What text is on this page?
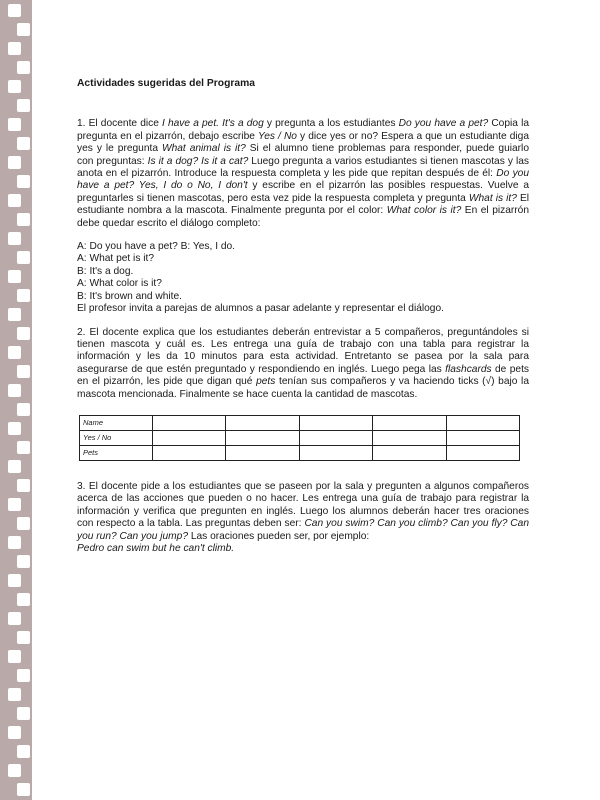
Actividades sugeridas del Programa

1. El docente dice I have a pet. It's a dog y pregunta a los estudiantes Do you have a pet? Copia la pregunta en el pizarrón, debajo escribe Yes / No y dice yes or no? Espera a que un estudiante diga yes y le pregunta What animal is it? Si el alumno tiene problemas para responder, puede guiarlo con preguntas: Is it a dog? Is it a cat? Luego pregunta a varios estudiantes si tienen mascotas y las anota en el pizarrón. Introduce la respuesta completa y les pide que repitan después de él: Do you have a pet? Yes, I do o No, I don't y escribe en el pizarrón las posibles respuestas. Vuelve a preguntarles si tienen mascotas, pero esta vez pide la respuesta completa y pregunta What is it? El estudiante nombra a la mascota. Finalmente pregunta por el color: What color is it? En el pizarrón debe quedar escrito el diálogo completo:

A: Do you have a pet? B: Yes, I do.
A: What pet is it?
B: It's a dog.
A: What color is it?
B: It's brown and white.
El profesor invita a parejas de alumnos a pasar adelante y representar el diálogo.

2. El docente explica que los estudiantes deberán entrevistar a 5 compañeros, preguntándoles si tienen mascota y cuál es. Les entrega una guía de trabajo con una tabla para registrar la información y les da 10 minutos para esta actividad. Entretanto se pasea por la sala para asegurarse de que estén preguntado y respondiendo en inglés. Luego pega las flashcards de pets en el pizarrón, les pide que digan qué pets tenían sus compañeros y va haciendo ticks (√) bajo la mascota mencionada. Finalmente se hace cuenta la cantidad de mascotas.

Name					
Yes / No					
Pets					

3. El docente pide a los estudiantes que se paseen por la sala y pregunten a algunos compañeros acerca de las acciones que pueden o no hacer. Les entrega una guía de trabajo para registrar la información y verifica que pregunten en inglés. Luego los alumnos deberán hacer tres oraciones con respecto a la tabla. Las preguntas deben ser: Can you swim? Can you climb? Can you fly? Can you run? Can you jump? Las oraciones pueden ser, por ejemplo:

Pedro can swim but he can't climb.
